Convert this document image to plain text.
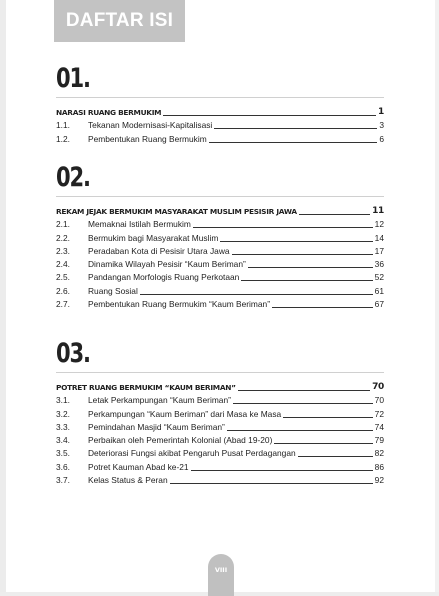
DAFTAR ISI
01.
NARASI RUANG BERMUKIM	1
1.1.	Tekanan Modernisasi-Kapitalisasi	3
1.2.	Pembentukan Ruang Bermukim	6
02.
REKAM JEJAK BERMUKIM MASYARAKAT MUSLIM PESISIR JAWA	11
2.1.	Memaknai Istilah Bermukim	12
2.2.	Bermukim bagi Masyarakat Muslim	14
2.3.	Peradaban Kota di Pesisir Utara Jawa	17
2.4.	Dinamika Wilayah Pesisir “Kaum Beriman”	36
2.5.	Pandangan Morfologis Ruang Perkotaan	52
2.6.	Ruang Sosial	61
2.7.	Pembentukan Ruang Bermukim “Kaum Beriman”	67
03.
POTRET RUANG BERMUKIM “KAUM BERIMAN”	70
3.1.	Letak Perkampungan “Kaum Beriman”	70
3.2.	Perkampungan “Kaum Beriman” dari Masa ke Masa	72
3.3.	Pemindahan Masjid “Kaum Beriman”	74
3.4.	Perbaikan oleh Pemerintah Kolonial (Abad 19-20)	79
3.5.	Deteriorasi Fungsi akibat Pengaruh Pusat Perdagangan	82
3.6.	Potret Kauman Abad ke-21	86
3.7.	Kelas Status & Peran	92
VIII
